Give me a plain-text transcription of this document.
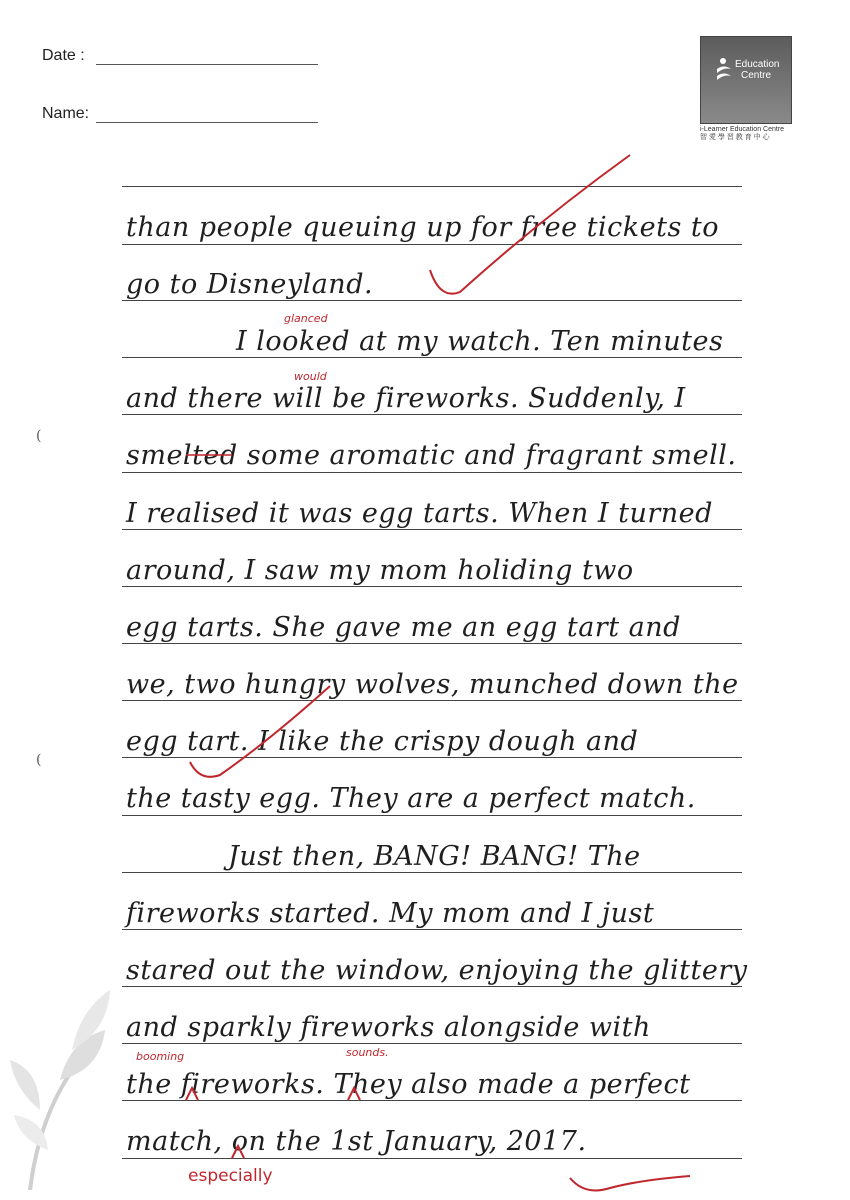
Date :
Name:
Education
Centre
i-Learner Education Centre
智 愛 學 習 教 育 中 心
than people queuing up for free tickets to
go to Disneyland.
I looked at my watch. Ten minutes
and there will be fireworks. Suddenly, I
smelted some aromatic and fragrant smell.
I realised it was egg tarts. When I turned
around, I saw my mom holiding two
egg tarts. She gave me an egg tart and
we, two hungry wolves, munched down the
egg tart. I like the crispy dough and
the tasty egg. They are a perfect match.
Just then, BANG! BANG! The
fireworks started. My mom and I just
stared out the window, enjoying the glittery
and sparkly fireworks alongside with
the fireworks. They also made a perfect
match, on the 1st January, 2017.
glanced
would
booming	sounds.
especially
(
(
